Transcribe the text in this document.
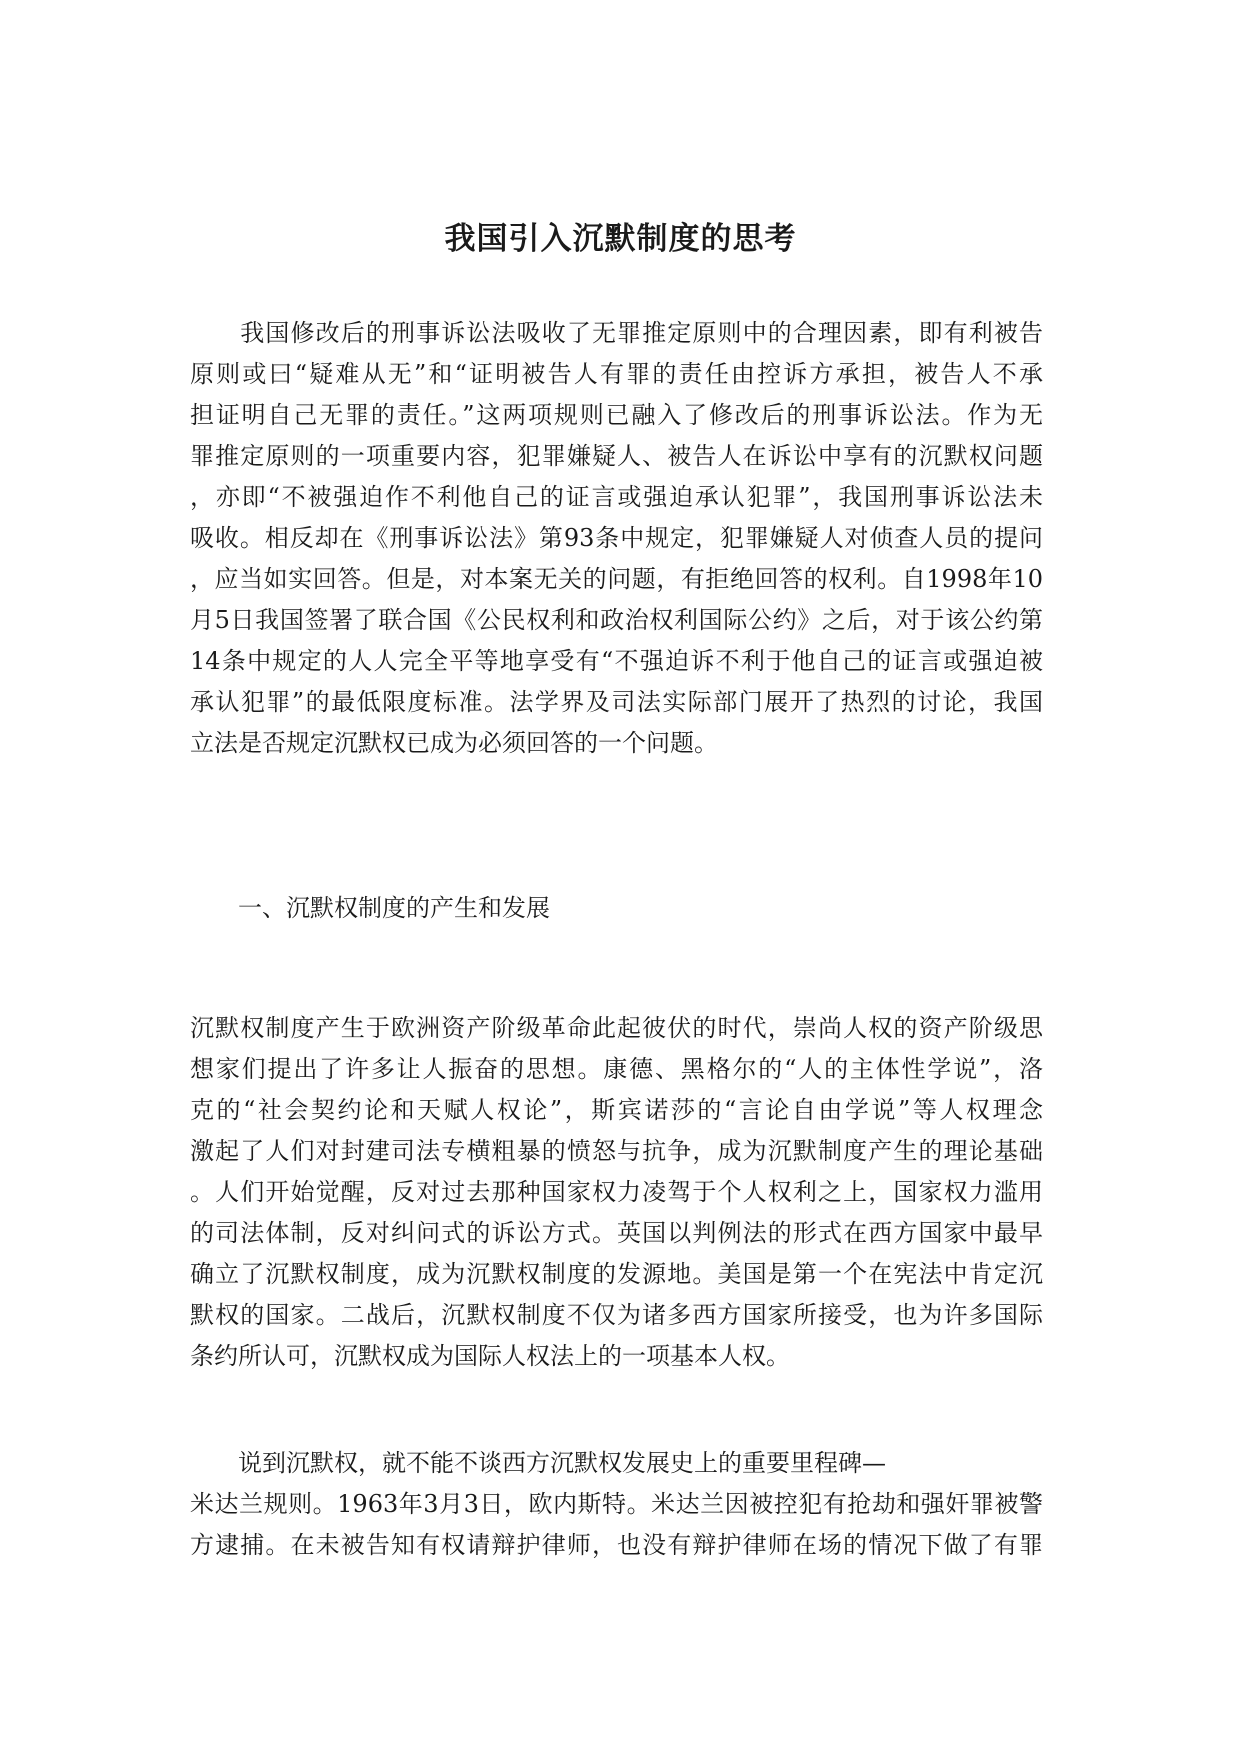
我国引入沉默制度的思考
　　我国修改后的刑事诉讼法吸收了无罪推定原则中的合理因素，即有利被告
原则或曰“疑难从无”和“证明被告人有罪的责任由控诉方承担，被告人不承
担证明自己无罪的责任。”这两项规则已融入了修改后的刑事诉讼法。作为无
罪推定原则的一项重要内容，犯罪嫌疑人、被告人在诉讼中享有的沉默权问题
，亦即“不被强迫作不利他自己的证言或强迫承认犯罪”，我国刑事诉讼法未
吸收。相反却在《刑事诉讼法》第93条中规定，犯罪嫌疑人对侦查人员的提问
，应当如实回答。但是，对本案无关的问题，有拒绝回答的权利。自1998年10
月5日我国签署了联合国《公民权利和政治权利国际公约》之后，对于该公约第
14条中规定的人人完全平等地享受有“不强迫诉不利于他自己的证言或强迫被
承认犯罪”的最低限度标准。法学界及司法实际部门展开了热烈的讨论，我国
立法是否规定沉默权已成为必须回答的一个问题。
　　一、沉默权制度的产生和发展
沉默权制度产生于欧洲资产阶级革命此起彼伏的时代，崇尚人权的资产阶级思
想家们提出了许多让人振奋的思想。康德、黑格尔的“人的主体性学说”，洛
克的“社会契约论和天赋人权论”，斯宾诺莎的“言论自由学说”等人权理念
激起了人们对封建司法专横粗暴的愤怒与抗争，成为沉默制度产生的理论基础
。人们开始觉醒，反对过去那种国家权力凌驾于个人权利之上，国家权力滥用
的司法体制，反对纠问式的诉讼方式。英国以判例法的形式在西方国家中最早
确立了沉默权制度，成为沉默权制度的发源地。美国是第一个在宪法中肯定沉
默权的国家。二战后，沉默权制度不仅为诸多西方国家所接受，也为许多国际
条约所认可，沉默权成为国际人权法上的一项基本人权。
　　说到沉默权，就不能不谈西方沉默权发展史上的重要里程碑—
米达兰规则。1963年3月3日，欧内斯特。米达兰因被控犯有抢劫和强奸罪被警
方逮捕。在未被告知有权请辩护律师，也没有辩护律师在场的情况下做了有罪
